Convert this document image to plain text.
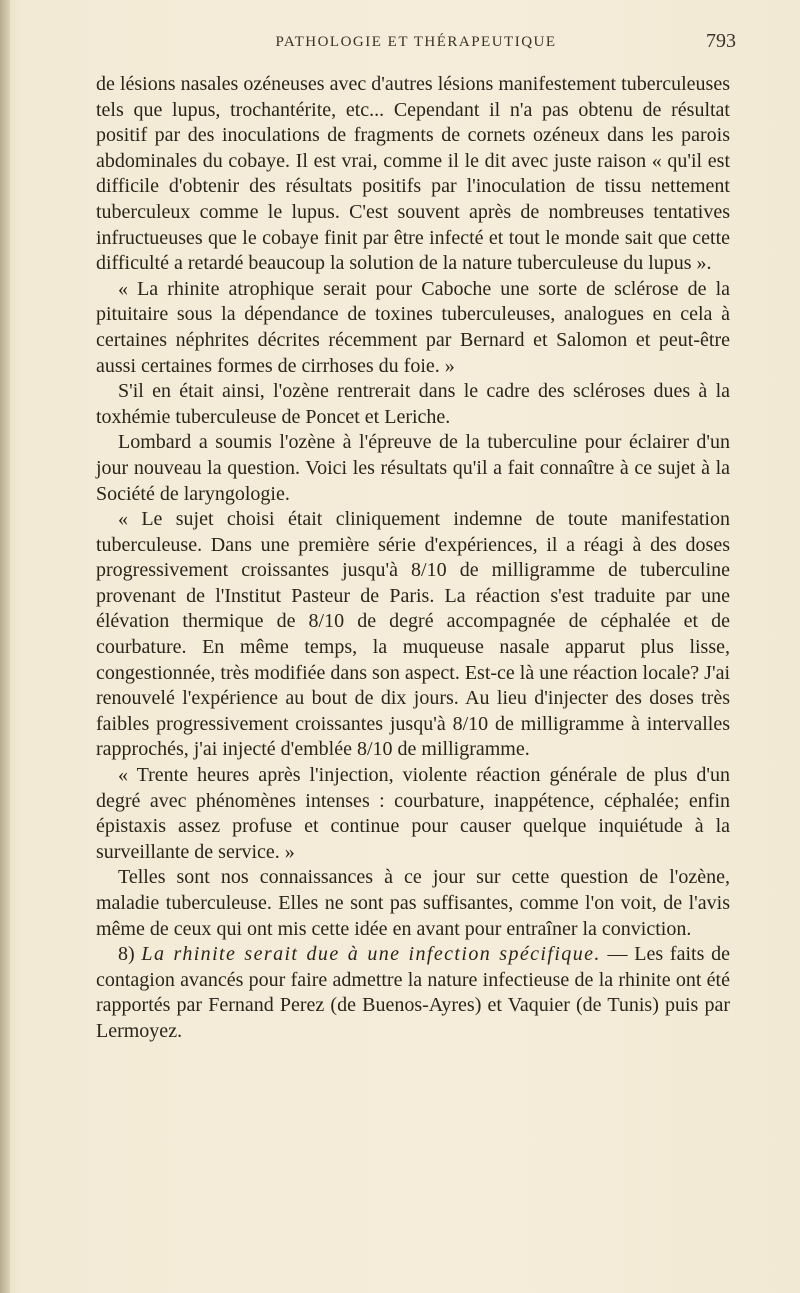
PATHOLOGIE ET THÉRAPEUTIQUE	793

de lésions nasales ozéneuses avec d'autres lésions manifestement tuberculeuses tels que lupus, trochantérite, etc... Cependant il n'a pas obtenu de résultat positif par des inoculations de fragments de cornets ozéneux dans les parois abdominales du cobaye. Il est vrai, comme il le dit avec juste raison « qu'il est difficile d'obtenir des résultats positifs par l'inoculation de tissu nettement tuberculeux comme le lupus. C'est souvent après de nombreuses tentatives infructueuses que le cobaye finit par être infecté et tout le monde sait que cette difficulté a retardé beaucoup la solution de la nature tuberculeuse du lupus ».

« La rhinite atrophique serait pour Caboche une sorte de sclérose de la pituitaire sous la dépendance de toxines tuberculeuses, analogues en cela à certaines néphrites décrites récemment par Bernard et Salomon et peut-être aussi certaines formes de cirrhoses du foie. »

S'il en était ainsi, l'ozène rentrerait dans le cadre des scléroses dues à la toxhémie tuberculeuse de Poncet et Leriche.

Lombard a soumis l'ozène à l'épreuve de la tuberculine pour éclairer d'un jour nouveau la question. Voici les résultats qu'il a fait connaître à ce sujet à la Société de laryngologie.

« Le sujet choisi était cliniquement indemne de toute manifestation tuberculeuse. Dans une première série d'expériences, il a réagi à des doses progressivement croissantes jusqu'à 8/10 de milligramme de tuberculine provenant de l'Institut Pasteur de Paris. La réaction s'est traduite par une élévation thermique de 8/10 de degré accompagnée de céphalée et de courbature. En même temps, la muqueuse nasale apparut plus lisse, congestionnée, très modifiée dans son aspect. Est-ce là une réaction locale? J'ai renouvelé l'expérience au bout de dix jours. Au lieu d'injecter des doses très faibles progressivement croissantes jusqu'à 8/10 de milligramme à intervalles rapprochés, j'ai injecté d'emblée 8/10 de milligramme.

« Trente heures après l'injection, violente réaction générale de plus d'un degré avec phénomènes intenses : courbature, inappétence, céphalée; enfin épistaxis assez profuse et continue pour causer quelque inquiétude à la surveillante de service. »

Telles sont nos connaissances à ce jour sur cette question de l'ozène, maladie tuberculeuse. Elles ne sont pas suffisantes, comme l'on voit, de l'avis même de ceux qui ont mis cette idée en avant pour entraîner la conviction.

8) La rhinite serait due à une infection spécifique. — Les faits de contagion avancés pour faire admettre la nature infectieuse de la rhinite ont été rapportés par Fernand Perez (de Buenos-Ayres) et Vaquier (de Tunis) puis par Lermoyez.
